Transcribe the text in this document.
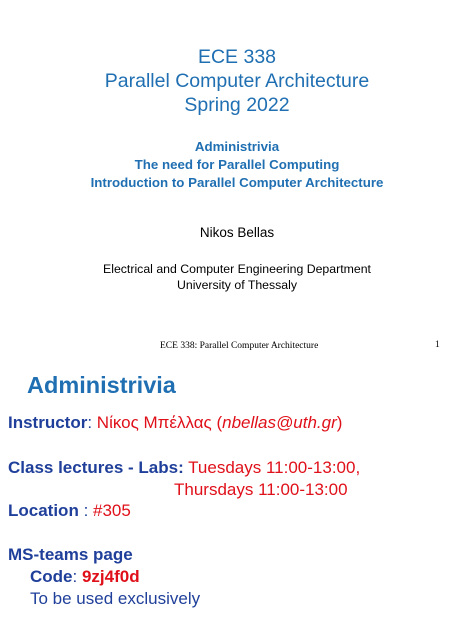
ECE 338
Parallel Computer Architecture
Spring 2022
Administrivia
The need for Parallel Computing
Introduction to Parallel Computer Architecture
Nikos Bellas
Electrical and Computer Engineering Department
University of Thessaly
ECE 338: Parallel Computer Architecture	1
Administrivia
Instructor: Νίκος Μπέλλας (nbellas@uth.gr)
Class lectures - Labs: Tuesdays 11:00-13:00,
Thursdays 11:00-13:00
Location : #305
MS-teams page
Code: 9zj4f0d
To be used exclusively
